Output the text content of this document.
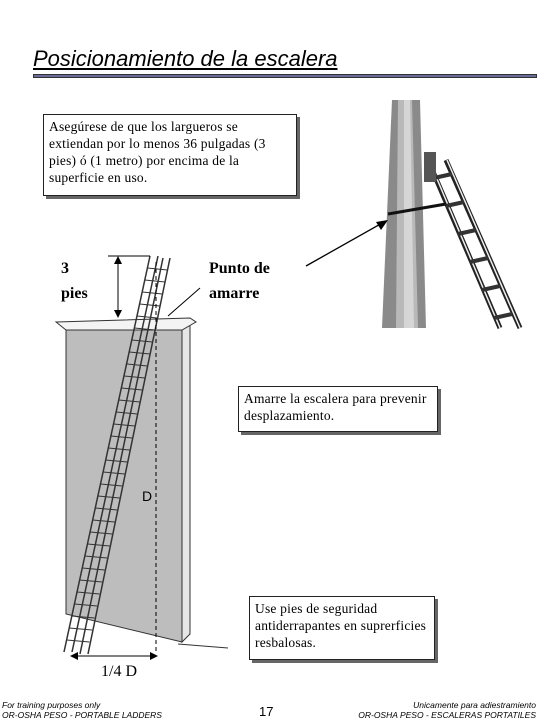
Posicionamiento de la escalera
Asegúrese de que los largueros se extiendan por lo menos 36 pulgadas (3 pies) ó (1 metro) por encima de la superficie en uso.
3
pies
Punto de
amarre
Amarre la escalera para prevenir desplazamiento.
D
Use pies de seguridad antiderrapantes en suprerficies resbalosas.
1/4 D
For training purposes only
OR-OSHA PESO - PORTABLE LADDERS	17	Unicamente para adiestramiento
OR-OSHA PESO - ESCALERAS PORTATILES
